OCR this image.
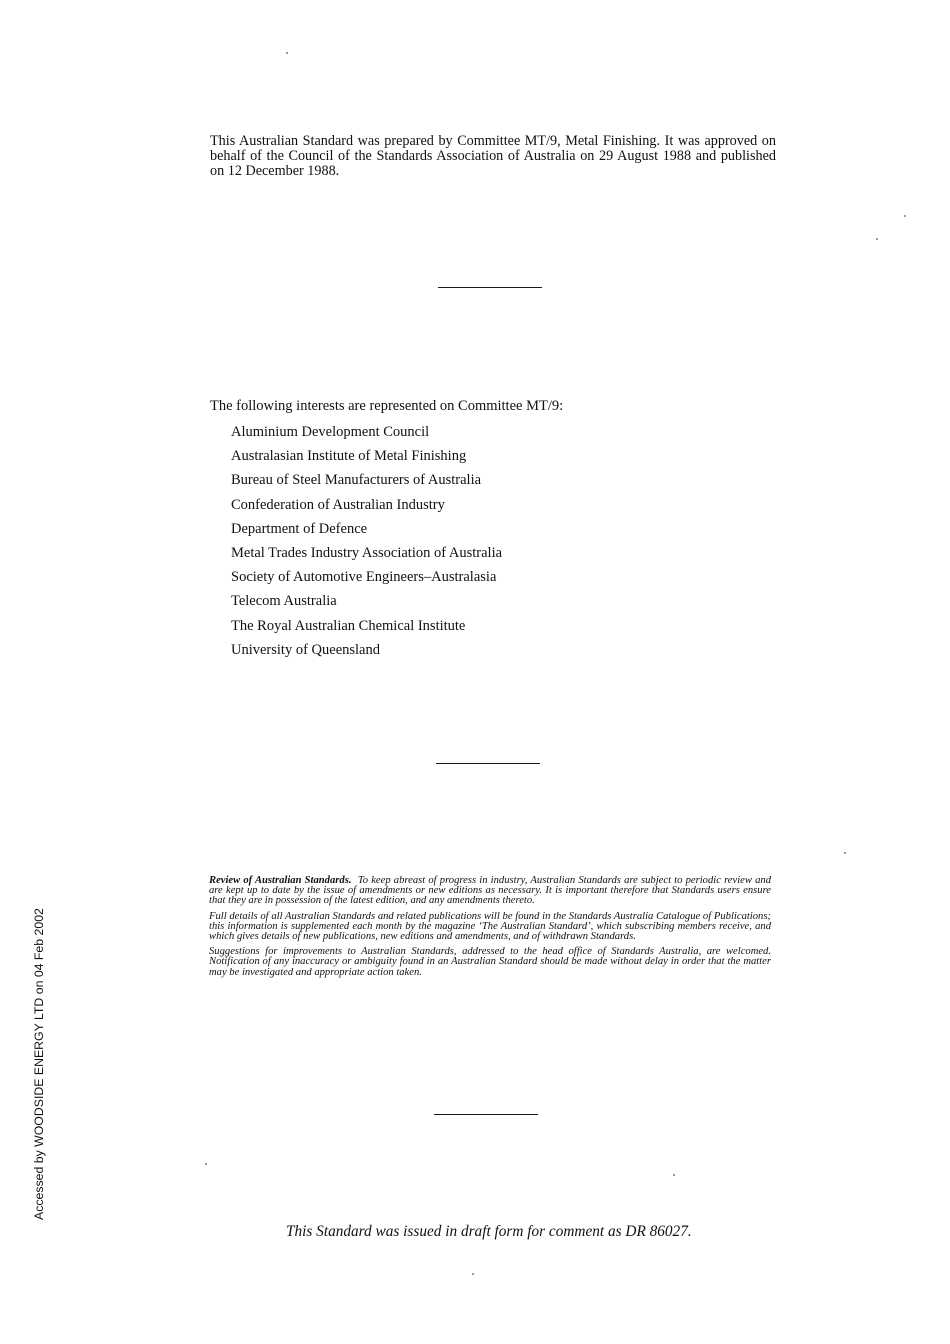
This Australian Standard was prepared by Committee MT/9, Metal Finishing. It was approved on behalf of the Council of the Standards Association of Australia on 29 August 1988 and published on 12 December 1988.

The following interests are represented on Committee MT/9:

Aluminium Development Council
Australasian Institute of Metal Finishing
Bureau of Steel Manufacturers of Australia
Confederation of Australian Industry
Department of Defence
Metal Trades Industry Association of Australia
Society of Automotive Engineers–Australasia
Telecom Australia
The Royal Australian Chemical Institute
University of Queensland

Review of Australian Standards. To keep abreast of progress in industry, Australian Standards are subject to periodic review and are kept up to date by the issue of amendments or new editions as necessary. It is important therefore that Standards users ensure that they are in possession of the latest edition, and any amendments thereto.

Full details of all Australian Standards and related publications will be found in the Standards Australia Catalogue of Publications; this information is supplemented each month by the magazine ‘The Australian Standard’, which subscribing members receive, and which gives details of new publications, new editions and amendments, and of withdrawn Standards.

Suggestions for improvements to Australian Standards, addressed to the head office of Standards Australia, are welcomed. Notification of any inaccuracy or ambiguity found in an Australian Standard should be made without delay in order that the matter may be investigated and appropriate action taken.

Accessed by WOODSIDE ENERGY LTD on 04 Feb 2002

This Standard was issued in draft form for comment as DR 86027.
